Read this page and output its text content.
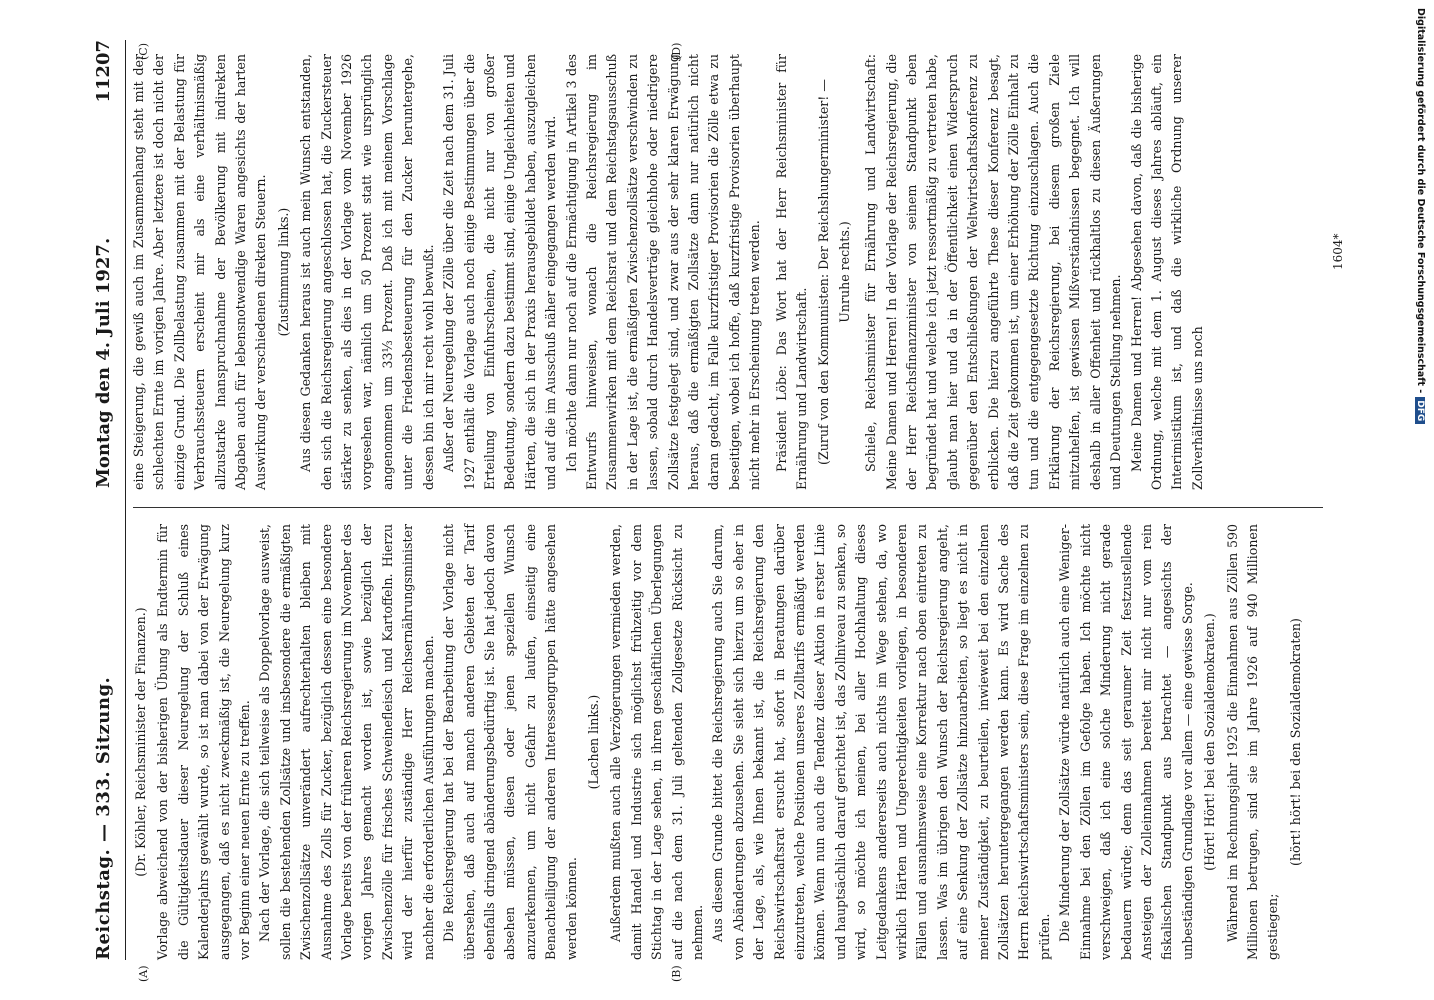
Reichstag. — 333. Sitzung.
11207
Montag den 4. Juli 1927.
(A)	(B)
(C)	(D)

(Dr. Köhler, Reichsminister der Finanzen.) Vorlage abweichend von der bisherigen Übung als Endtermin für die Gültigkeitsdauer dieser Neuregelung der Schluß eines Kalenderjahrs gewählt wurde, so ist man dabei von der Erwägung ausgegangen, daß es nicht zweckmäßig ist, die Neuregelung kurz vor Beginn einer neuen Ernte zu treffen. Nach der Vorlage, die sich teilweise als Doppelvorlage ausweist, sollen die bestehenden Zollsätze und insbesondere die ermäßigten Zwischenzollsätze unverändert aufrechterhalten bleiben mit Ausnahme des Zolls für Zucker, bezüglich dessen eine besondere Vorlage bereits von der früheren Reichsregierung im November des vorigen Jahres gemacht worden ist, sowie bezüglich der Zwischenzölle für frisches Schweinefleisch und Kartoffeln. Hierzu wird der hierfür zuständige Herr Reichsernährungsminister nachher die erforderlichen Ausführungen machen. Die Reichsregierung hat bei der Bearbeitung der Vorlage nicht übersehen, daß auch auf manch anderen Gebieten der Tarif ebenfalls dringend abänderungsbedürftig ist. Sie hat jedoch davon absehen müssen, diesen oder jenen speziellen Wunsch anzuerkennen, um nicht Gefahr zu laufen, einseitig eine Benachteiligung der anderen Interessengruppen hätte angesehen werden können.

(Lachen links.) Außerdem mußten auch alle Verzögerungen vermieden werden, damit Handel und Industrie sich möglichst frühzeitig vor dem Stichtag in der Lage sehen, in ihren geschäftlichen Überlegungen auf die nach dem 31. Juli geltenden Zollgesetze Rücksicht zu nehmen. Aus diesem Grunde bittet die Reichsregierung auch Sie darum, von Abänderungen abzusehen. Sie sieht sich hierzu um so eher in der Lage, als, wie Ihnen bekannt ist, die Reichsregierung den Reichswirtschaftsrat ersucht hat, sofort in Beratungen darüber einzutreten, welche Positionen unseres Zolltarifs ermäßigt werden können. Wenn nun auch die Tendenz dieser Aktion in erster Linie und hauptsächlich darauf gerichtet ist, das Zollniveau zu senken, so wird, so möchte ich meinen, bei aller Hochhaltung dieses Leitgedankens andererseits auch nichts im Wege stehen, da, wo wirklich Härten und Ungerechtigkeiten vorliegen, in besonderen Fällen und ausnahmsweise eine Korrektur nach oben eintreten zu lassen. Was im übrigen den Wunsch der Reichsregierung angeht, auf eine Senkung der Zollsätze hinzuarbeiten, so liegt es nicht in meiner Zuständigkeit, zu beurteilen, inwieweit bei den einzelnen Zollsätzen heruntergegangen werden kann. Es wird Sache des Herrn Reichswirtschaftsministers sein, diese Frage im einzelnen zu prüfen. Die Minderung der Zollsätze würde natürlich auch eine Weniger-Einnahme bei den Zöllen im Gefolge haben. Ich möchte nicht verschweigen, daß ich eine solche Minderung nicht gerade bedauern würde; denn das seit geraumer Zeit festzustellende Ansteigen der Zolleinnahmen bereitet mir nicht nur vom rein fiskalischen Standpunkt aus betrachtet — angesichts der unbeständigen Grundlage vor allem — eine gewisse Sorge. (Hört! Hört! bei den Sozialdemokraten.) Während im Rechnungsjahr 1925 die Einnahmen aus Zöllen 590 Millionen betrugen, sind sie im Jahre 1926 auf 940 Millionen gestiegen;

(hört! hört! bei den Sozialdemokraten)

eine Steigerung, die gewiß auch im Zusammenhang steht mit der schlechten Ernte im vorigen Jahre. Aber letztere ist doch nicht der einzige Grund. Die Zollbelastung zusammen mit der Belastung für Verbrauchssteuern erscheint mir als eine verhältnismäßig allzustarke Inanspruchnahme der Bevölkerung mit indirekten Abgaben auch für lebensnotwendige Waren angesichts der harten Auswirkung der verschiedenen direkten Steuern. (Zustimmung links.) Aus diesen Gedanken heraus ist auch mein Wunsch entstanden, den sich die Reichsregierung angeschlossen hat, die Zuckersteuer stärker zu senken, als dies in der Vorlage vom November 1926 vorgesehen war, nämlich um 50 Prozent statt wie ursprünglich angenommen um 33⅓ Prozent. Daß ich mit meinem Vorschlage unter die Friedensbesteuerung für den Zucker heruntergehe, dessen bin ich mir recht wohl bewußt. Außer der Neuregelung der Zölle über die Zeit nach dem 31. Juli 1927 enthält die Vorlage auch noch einige Bestimmungen über die Erteilung von Einfuhrscheinen, die nicht nur von großer Bedeutung, sondern dazu bestimmt sind, einige Ungleichheiten und Härten, die sich in der Praxis herausgebildet haben, auszugleichen und auf die im Ausschuß näher eingegangen werden wird. Ich möchte dann nur noch auf die Ermächtigung in Artikel 3 des Entwurfs hinweisen, wonach die Reichsregierung im Zusammenwirken mit dem Reichsrat und dem Reichstagsausschuß in der Lage ist, die ermäßigten Zwischenzollsätze verschwinden zu lassen, sobald durch Handelsverträge gleichhohe oder niedrigere Zollsätze festgelegt sind, und zwar aus der sehr klaren Erwägung heraus, daß die ermäßigten Zollsätze dann nur natürlich nicht daran gedacht, im Falle kurzfristiger Provisorien die Zölle etwa zu beseitigen, wobei ich hoffe, daß kurzfristige Provisorien überhaupt nicht mehr in Erscheinung treten werden. Präsident Löbe: Das Wort hat der Herr Reichsminister für Ernährung und Landwirtschaft. (Zuruf von den Kommunisten: Der Reichshungerminister! — Unruhe rechts.) Schiele, Reichsminister für Ernährung und Landwirtschaft: Meine Damen und Herren! In der Vorlage der Reichsregierung, die der Herr Reichsfinanzminister von seinem Standpunkt eben begründet hat und welche ich jetzt ressortmäßig zu vertreten habe, glaubt man hier und da in der Öffentlichkeit einen Widerspruch gegenüber den Entschließungen der Weltwirtschaftskonferenz zu erblicken. Die hierzu angeführte These dieser Konferenz besagt, daß die Zeit gekommen ist, um einer Erhöhung der Zölle Einhalt zu tun und die entgegengesetzte Richtung einzuschlagen. Auch die Erklärung der Reichsregierung, bei diesem großen Ziele mitzuhelfen, ist gewissen Mißverständnissen begegnet. Ich will deshalb in aller Offenheit und rückhaltlos zu diesen Äußerungen und Deutungen Stellung nehmen. Meine Damen und Herren! Abgesehen davon, daß die bisherige Ordnung, welche mit dem 1. August dieses Jahres abläuft, ein Interimistikum ist, und daß die wirkliche Ordnung unserer Zollverhältnisse uns noch

1604*	Digitalisierung gefördert durch die Deutsche Forschungsgemeinschaft -DFG
